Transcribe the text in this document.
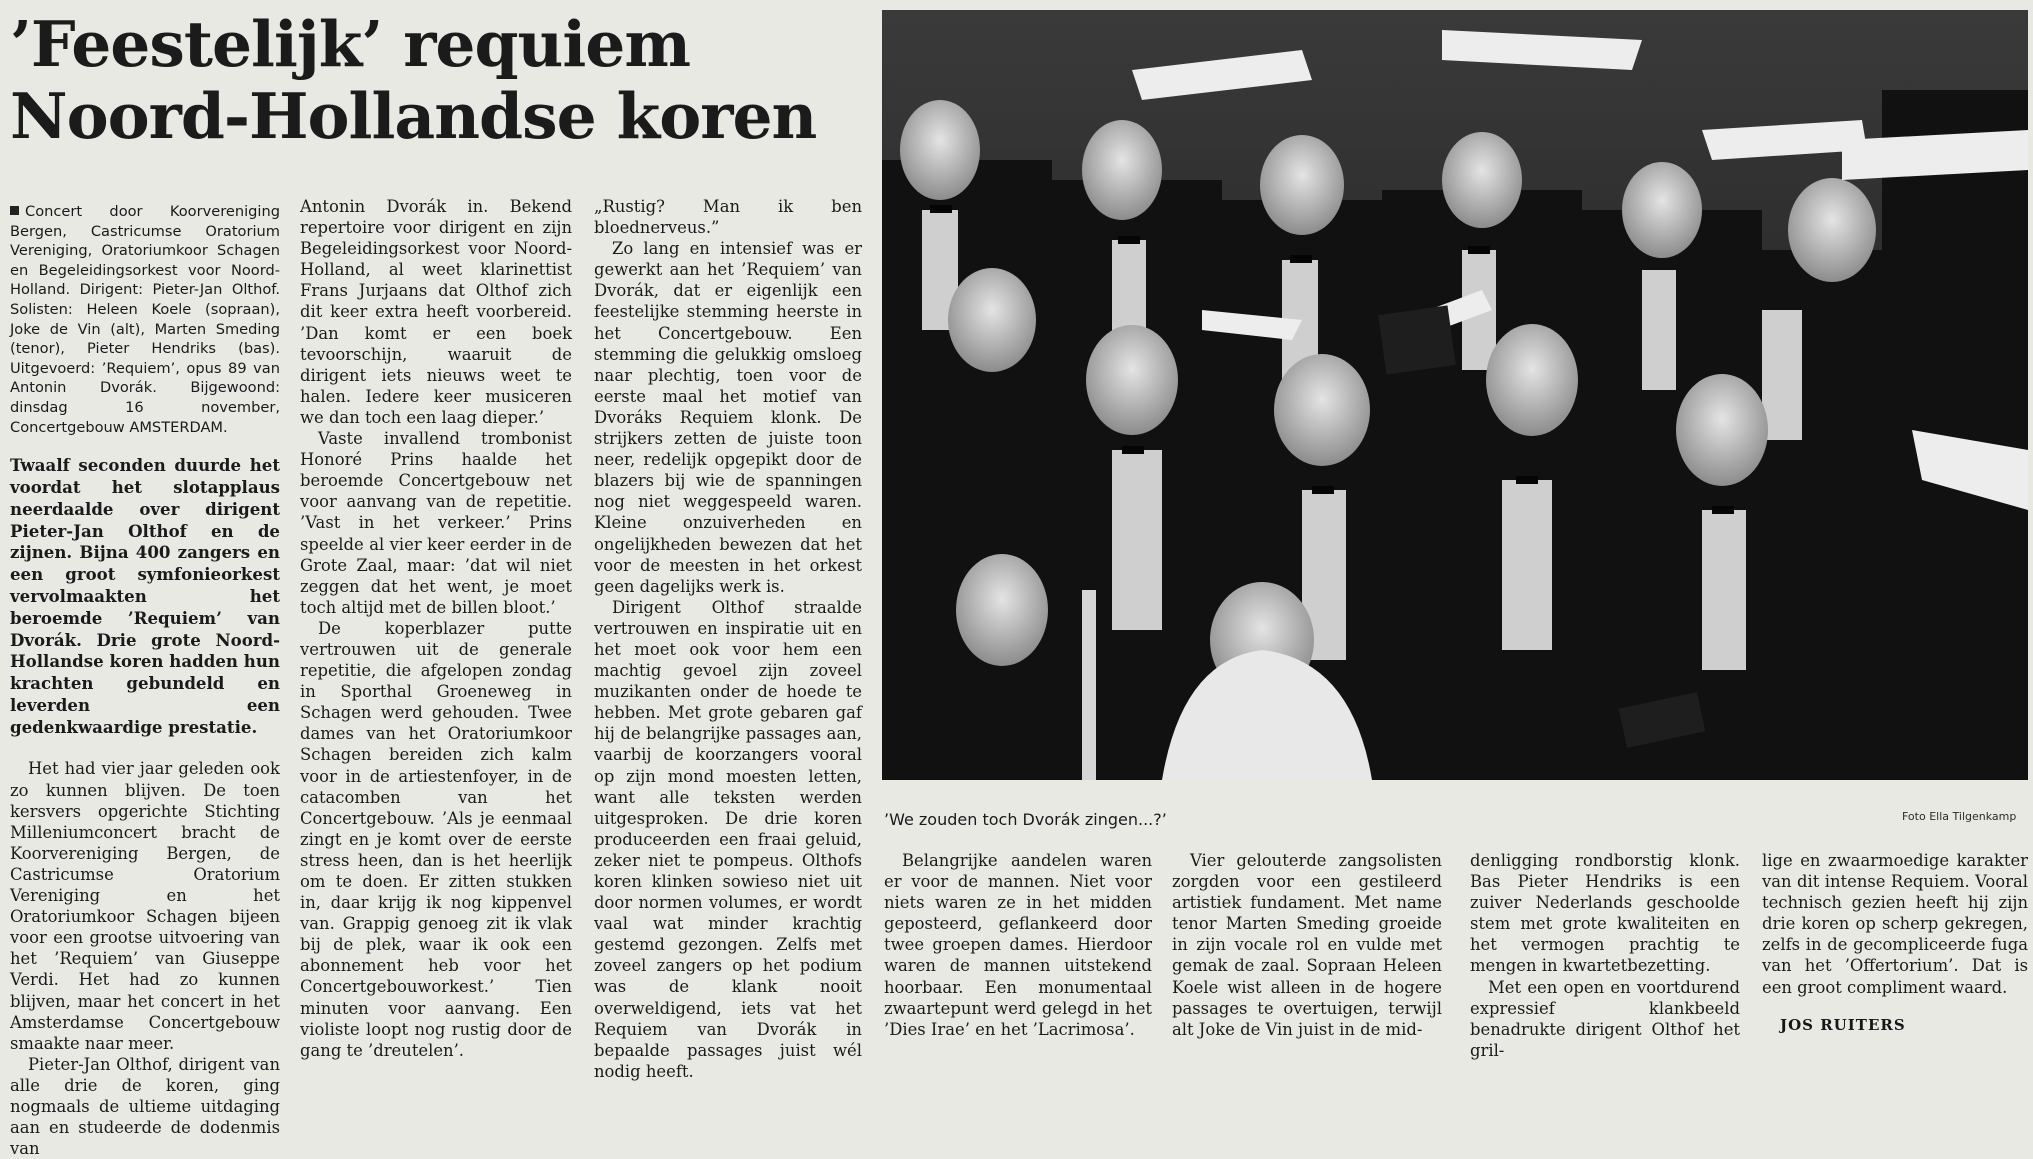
’Feestelijk’ requiem
Noord-Hollandse koren
Concert door Koorvereniging Bergen, Castricumse Oratorium Vereniging, Oratoriumkoor Schagen en Begeleidingsorkest voor Noord-Holland. Dirigent: Pieter-Jan Olthof. Solisten: Heleen Koele (sopraan), Joke de Vin (alt), Marten Smeding (tenor), Pieter Hendriks (bas). Uitgevoerd: ’Requiem’, opus 89 van Antonin Dvorák. Bijgewoond: dinsdag 16 november, Concertgebouw AMSTERDAM.

Twaalf seconden duurde het voordat het slotapplaus neerdaalde over dirigent Pieter-Jan Olthof en de zijnen. Bijna 400 zangers en een groot symfonieorkest vervolmaakten het beroemde ’Requiem’ van Dvorák. Drie grote Noord-Hollandse koren hadden hun krachten gebundeld en leverden een gedenkwaardige prestatie.

Het had vier jaar geleden ook zo kunnen blijven. De toen kersvers opgerichte Stichting Milleniumconcert bracht de Koorvereniging Bergen, de Castricumse Oratorium Vereniging en het Oratoriumkoor Schagen bijeen voor een grootse uitvoering van het ’Requiem’ van Giuseppe Verdi. Het had zo kunnen blijven, maar het concert in het Amsterdamse Concertgebouw smaakte naar meer.

Pieter-Jan Olthof, dirigent van alle drie de koren, ging nogmaals de ultieme uitdaging aan en studeerde de dodenmis van

Antonin Dvorák in. Bekend repertoire voor dirigent en zijn Begeleidingsorkest voor Noord-Holland, al weet klarinettist Frans Jurjaans dat Olthof zich dit keer extra heeft voorbereid. ’Dan komt er een boek tevoorschijn, waaruit de dirigent iets nieuws weet te halen. Iedere keer musiceren we dan toch een laag dieper.’

Vaste invallend trombonist Honoré Prins haalde het beroemde Concertgebouw net voor aanvang van de repetitie. ’Vast in het verkeer.’ Prins speelde al vier keer eerder in de Grote Zaal, maar: ’dat wil niet zeggen dat het went, je moet toch altijd met de billen bloot.’

De koperblazer putte vertrouwen uit de generale repetitie, die afgelopen zondag in Sporthal Groeneweg in Schagen werd gehouden. Twee dames van het Oratoriumkoor Schagen bereiden zich kalm voor in de artiestenfoyer, in de catacomben van het Concertgebouw. ’Als je eenmaal zingt en je komt over de eerste stress heen, dan is het heerlijk om te doen. Er zitten stukken in, daar krijg ik nog kippenvel van. Grappig genoeg zit ik vlak bij de plek, waar ik ook een abonnement heb voor het Concertgebouworkest.’ Tien minuten voor aanvang. Een violiste loopt nog rustig door de gang te ’dreutelen’.

„Rustig? Man ik ben bloednerveus.”

Zo lang en intensief was er gewerkt aan het ’Requiem’ van Dvorák, dat er eigenlijk een feestelijke stemming heerste in het Concertgebouw. Een stemming die gelukkig omsloeg naar plechtig, toen voor de eerste maal het motief van Dvoráks Requiem klonk. De strijkers zetten de juiste toon neer, redelijk opgepikt door de blazers bij wie de spanningen nog niet weggespeeld waren. Kleine onzuiverheden en ongelijkheden bewezen dat het voor de meesten in het orkest geen dagelijks werk is.

Dirigent Olthof straalde vertrouwen en inspiratie uit en het moet ook voor hem een machtig gevoel zijn zoveel muzikanten onder de hoede te hebben. Met grote gebaren gaf hij de belangrijke passages aan, vaarbij de koorzangers vooral op zijn mond moesten letten, want alle teksten werden uitgesproken. De drie koren produceerden een fraai geluid, zeker niet te pompeus. Olthofs koren klinken sowieso niet uit door normen volumes, er wordt vaal wat minder krachtig gestemd gezongen. Zelfs met zoveel zangers op het podium was de klank nooit overweldigend, iets vat het Requiem van Dvorák in bepaalde passages juist wél nodig heeft.

’We zouden toch Dvorák zingen...?’	Foto Ella Tilgenkamp

Belangrijke aandelen waren er voor de mannen. Niet voor niets waren ze in het midden geposteerd, geflankeerd door twee groepen dames. Hierdoor waren de mannen uitstekend hoorbaar. Een monumentaal zwaartepunt werd gelegd in het ’Dies Irae’ en het ’Lacrimosa’.

Vier gelouterde zangsolisten zorgden voor een gestileerd artistiek fundament. Met name tenor Marten Smeding groeide in zijn vocale rol en vulde met gemak de zaal. Sopraan Heleen Koele wist alleen in de hogere passages te overtuigen, terwijl alt Joke de Vin juist in de mid-

denligging rondborstig klonk. Bas Pieter Hendriks is een zuiver Nederlands geschoolde stem met grote kwaliteiten en het vermogen prachtig te mengen in kwartetbezetting.

Met een open en voortdurend expressief klankbeeld benadrukte dirigent Olthof het gril-

lige en zwaarmoedige karakter van dit intense Requiem. Vooral technisch gezien heeft hij zijn drie koren op scherp gekregen, zelfs in de gecompliceerde fuga van het ’Offertorium’. Dat is een groot compliment waard.

JOS RUITERS
